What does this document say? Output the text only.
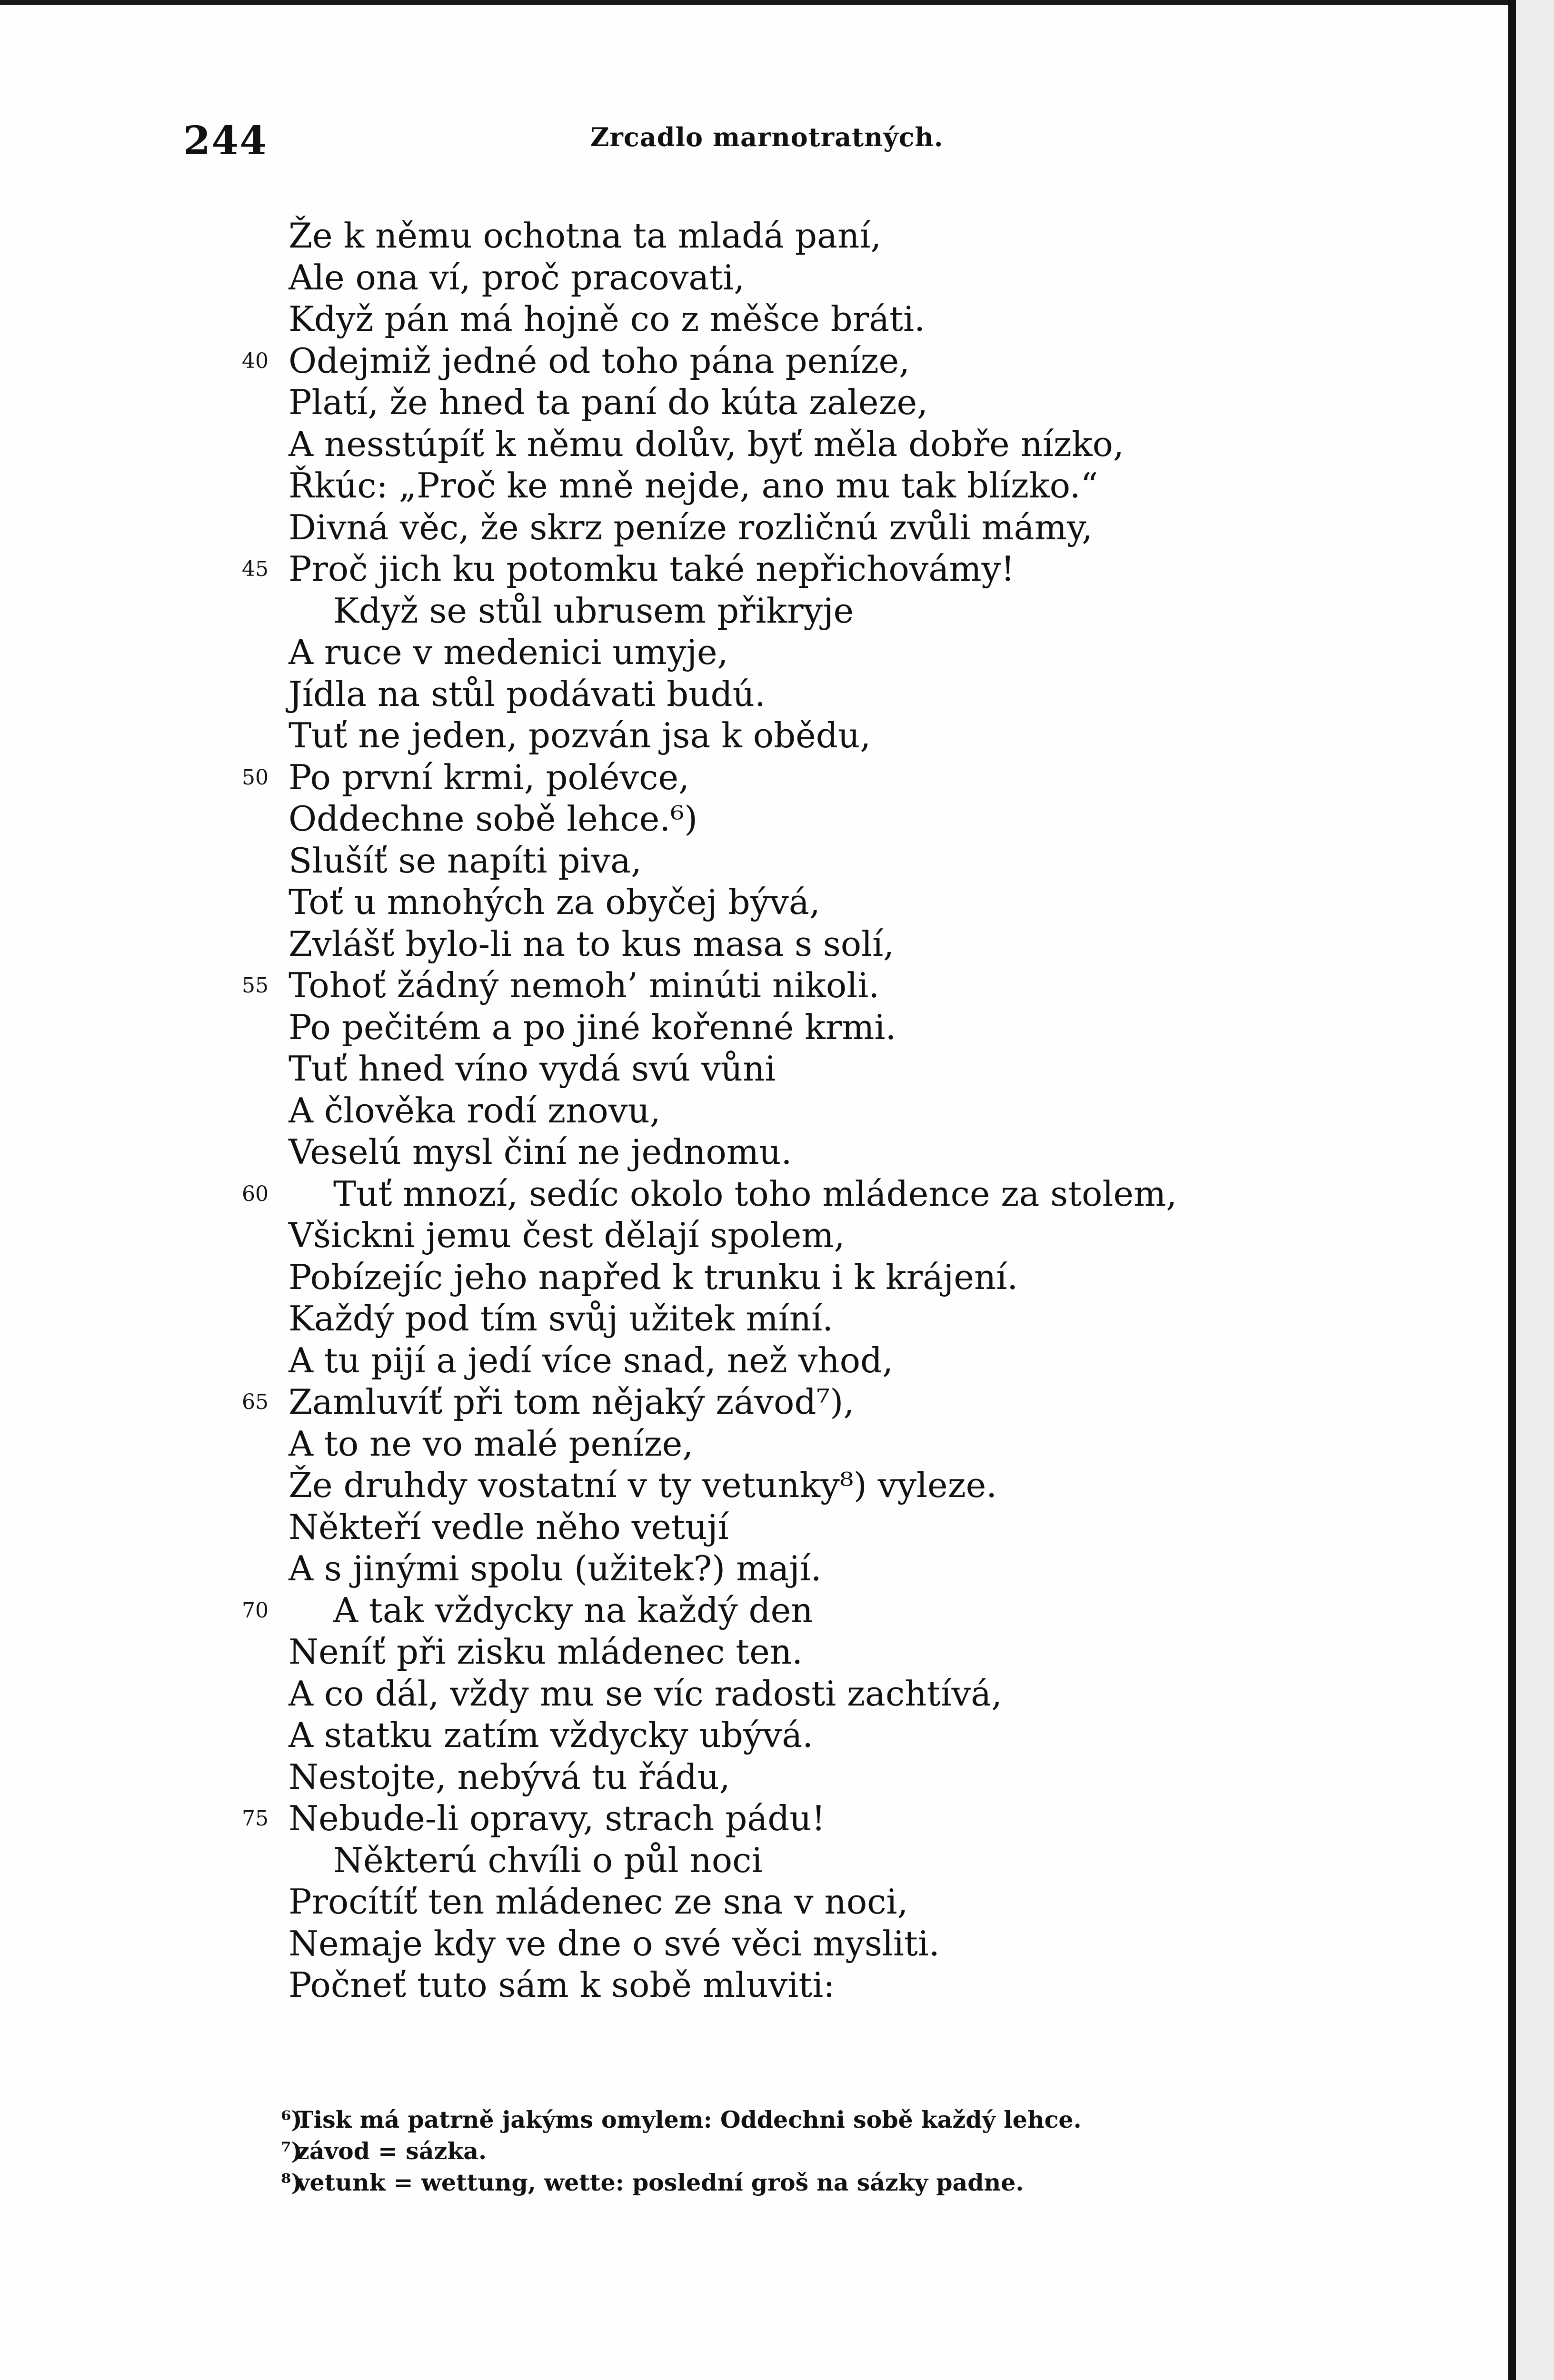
244	Zrcadlo marnotratných.
Že k němu ochotna ta mladá paní,
Ale ona ví, proč pracovati,
Když pán má hojně co z měšce bráti.
40 Odejmiž jedné od toho pána peníze,
Platí, že hned ta paní do kúta zaleze,
A nesstúpíť k němu dolův, byť měla dobře nízko,
Řkúc: „Proč ke mně nejde, ano mu tak blízko.“
Divná věc, že skrz peníze rozličnú zvůli mámy,
45 Proč jich ku potomku také nepřichovámy!
Když se stůl ubrusem přikryje
A ruce v medenici umyje,
Jídla na stůl podávati budú.
Tuť ne jeden, pozván jsa k obědu,
50 Po první krmi, polévce,
Oddechne sobě lehce.⁶)
Slušíť se napíti piva,
Toť u mnohých za obyčej bývá,
Zvlášť bylo-li na to kus masa s solí,
55 Tohoť žádný nemoh’ minúti nikoli.
Po pečitém a po jiné kořenné krmi.
Tuť hned víno vydá svú vůni
A člověka rodí znovu,
Veselú mysl činí ne jednomu.
60	Tuť mnozí, sedíc okolo toho mládence za stolem,
Všickni jemu čest dělají spolem,
Pobízejíc jeho napřed k trunku i k krájení.
Každý pod tím svůj užitek míní.
A tu pijí a jedí více snad, než vhod,
65 Zamluvíť při tom nějaký závod⁷),
A to ne vo malé peníze,
Že druhdy vostatní v ty vetunky⁸) vyleze.
Někteří vedle něho vetují
A s jinými spolu (užitek?) mají.
70	A tak vždycky na každý den
Neníť při zisku mládenec ten.
A co dál, vždy mu se víc radosti zachtívá,
A statku zatím vždycky ubývá.
Nestojte, nebývá tu řádu,
75 Nebude-li opravy, strach pádu!
Některú chvíli o půl noci
Procítíť ten mládenec ze sna v noci,
Nemaje kdy ve dne o své věci mysliti.
Počneť tuto sám k sobě mluviti:
⁶)
Tisk má patrně jakýms omylem: Oddechni sobě každý lehce.
⁷)
závod = sázka.
⁸)
vetunk = wettung, wette: poslední groš na sázky padne.
